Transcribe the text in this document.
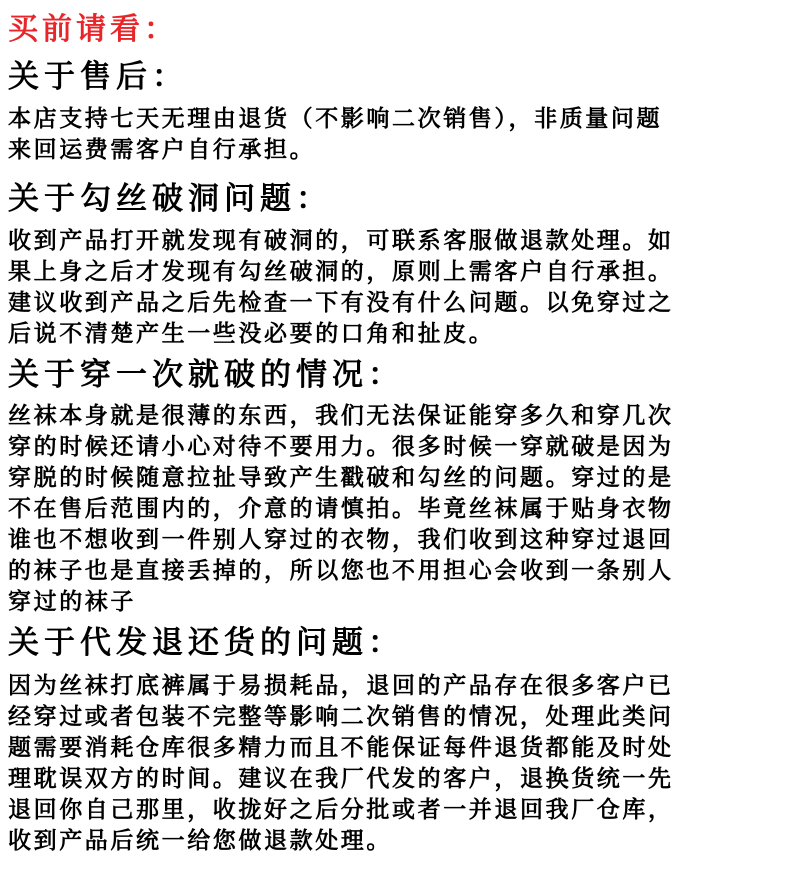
买前请看：
关于售后：
本店支持七天无理由退货（不影响二次销售），非质量问题
来回运费需客户自行承担。
关于勾丝破洞问题：
收到产品打开就发现有破洞的，可联系客服做退款处理。如
果上身之后才发现有勾丝破洞的，原则上需客户自行承担。
建议收到产品之后先检查一下有没有什么问题。以免穿过之
后说不清楚产生一些没必要的口角和扯皮。
关于穿一次就破的情况：
丝袜本身就是很薄的东西，我们无法保证能穿多久和穿几次
穿的时候还请小心对待不要用力。很多时候一穿就破是因为
穿脱的时候随意拉扯导致产生戳破和勾丝的问题。穿过的是
不在售后范围内的，介意的请慎拍。毕竟丝袜属于贴身衣物
谁也不想收到一件别人穿过的衣物，我们收到这种穿过退回
的袜子也是直接丢掉的，所以您也不用担心会收到一条别人
穿过的袜子
关于代发退还货的问题：
因为丝袜打底裤属于易损耗品，退回的产品存在很多客户已
经穿过或者包装不完整等影响二次销售的情况，处理此类问
题需要消耗仓库很多精力而且不能保证每件退货都能及时处
理耽误双方的时间。建议在我厂代发的客户，退换货统一先
退回你自己那里，收拢好之后分批或者一并退回我厂仓库，
收到产品后统一给您做退款处理。
